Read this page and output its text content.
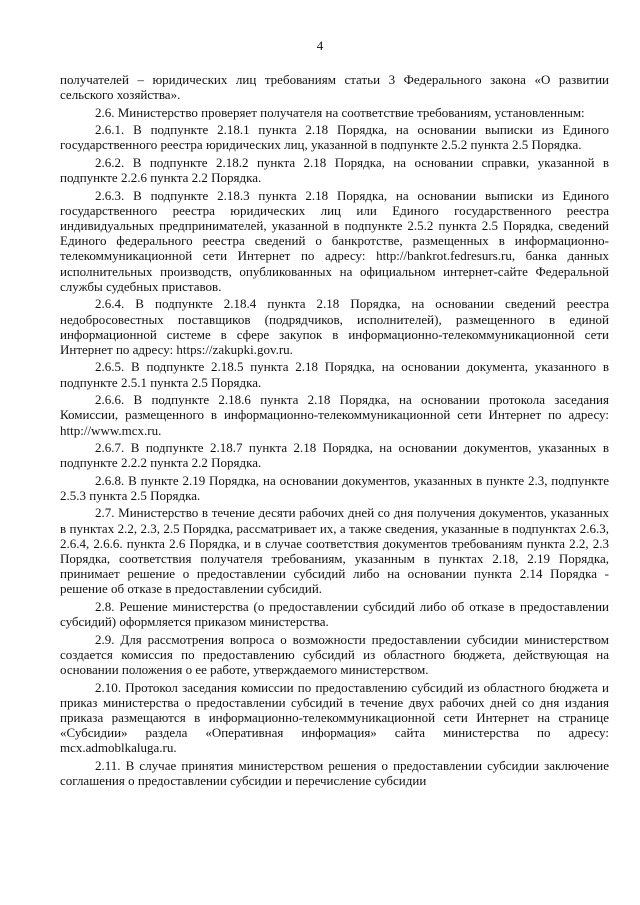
4

получателей – юридических лиц требованиям статьи 3 Федерального закона «О развитии сельского хозяйства».

2.6. Министерство проверяет получателя на соответствие требованиям, установленным:

2.6.1. В подпункте 2.18.1 пункта 2.18 Порядка, на основании выписки из Единого государственного реестра юридических лиц, указанной в подпункте 2.5.2 пункта 2.5 Порядка.

2.6.2. В подпункте 2.18.2 пункта 2.18 Порядка, на основании справки, указанной в подпункте 2.2.6 пункта 2.2 Порядка.

2.6.3. В подпункте 2.18.3 пункта 2.18 Порядка, на основании выписки из Единого государственного реестра юридических лиц или Единого государственного реестра индивидуальных предпринимателей, указанной в подпункте 2.5.2 пункта 2.5 Порядка, сведений Единого федерального реестра сведений о банкротстве, размещенных в информационно-телекоммуникационной сети Интернет по адресу: http://bankrot.fedresurs.ru, банка данных исполнительных производств, опубликованных на официальном интернет-сайте Федеральной службы судебных приставов.

2.6.4. В подпункте 2.18.4 пункта 2.18 Порядка, на основании сведений реестра недобросовестных поставщиков (подрядчиков, исполнителей), размещенного в единой информационной системе в сфере закупок в информационно-телекоммуникационной сети Интернет по адресу: https://zakupki.gov.ru.

2.6.5. В подпункте 2.18.5 пункта 2.18 Порядка, на основании документа, указанного в подпункте 2.5.1 пункта 2.5 Порядка.

2.6.6. В подпункте 2.18.6 пункта 2.18 Порядка, на основании протокола заседания Комиссии, размещенного в информационно-телекоммуникационной сети Интернет по адресу: http://www.mcx.ru.

2.6.7. В подпункте 2.18.7 пункта 2.18 Порядка, на основании документов, указанных в подпункте 2.2.2 пункта 2.2 Порядка.

2.6.8. В пункте 2.19 Порядка, на основании документов, указанных в пункте 2.3, подпункте 2.5.3 пункта 2.5 Порядка.

2.7. Министерство в течение десяти рабочих дней со дня получения документов, указанных в пунктах 2.2, 2.3, 2.5 Порядка, рассматривает их, а также сведения, указанные в подпунктах 2.6.3, 2.6.4, 2.6.6. пункта 2.6 Порядка, и в случае соответствия документов требованиям пункта 2.2, 2.3 Порядка, соответствия получателя требованиям, указанным в пунктах 2.18, 2.19 Порядка, принимает решение о предоставлении субсидий либо на основании пункта 2.14 Порядка - решение об отказе в предоставлении субсидий.

2.8. Решение министерства (о предоставлении субсидий либо об отказе в предоставлении субсидий) оформляется приказом министерства.

2.9. Для рассмотрения вопроса о возможности предоставлении субсидии министерством создается комиссия по предоставлению субсидий из областного бюджета, действующая на основании положения о ее работе, утверждаемого министерством.

2.10. Протокол заседания комиссии по предоставлению субсидий из областного бюджета и приказ министерства о предоставлении субсидий в течение двух рабочих дней со дня издания приказа размещаются в информационно-телекоммуникационной сети Интернет на странице «Субсидии» раздела «Оперативная информация» сайта министерства по адресу: mcx.admoblkaluga.ru.

2.11. В случае принятия министерством решения о предоставлении субсидии заключение соглашения о предоставлении субсидии и перечисление субсидии
